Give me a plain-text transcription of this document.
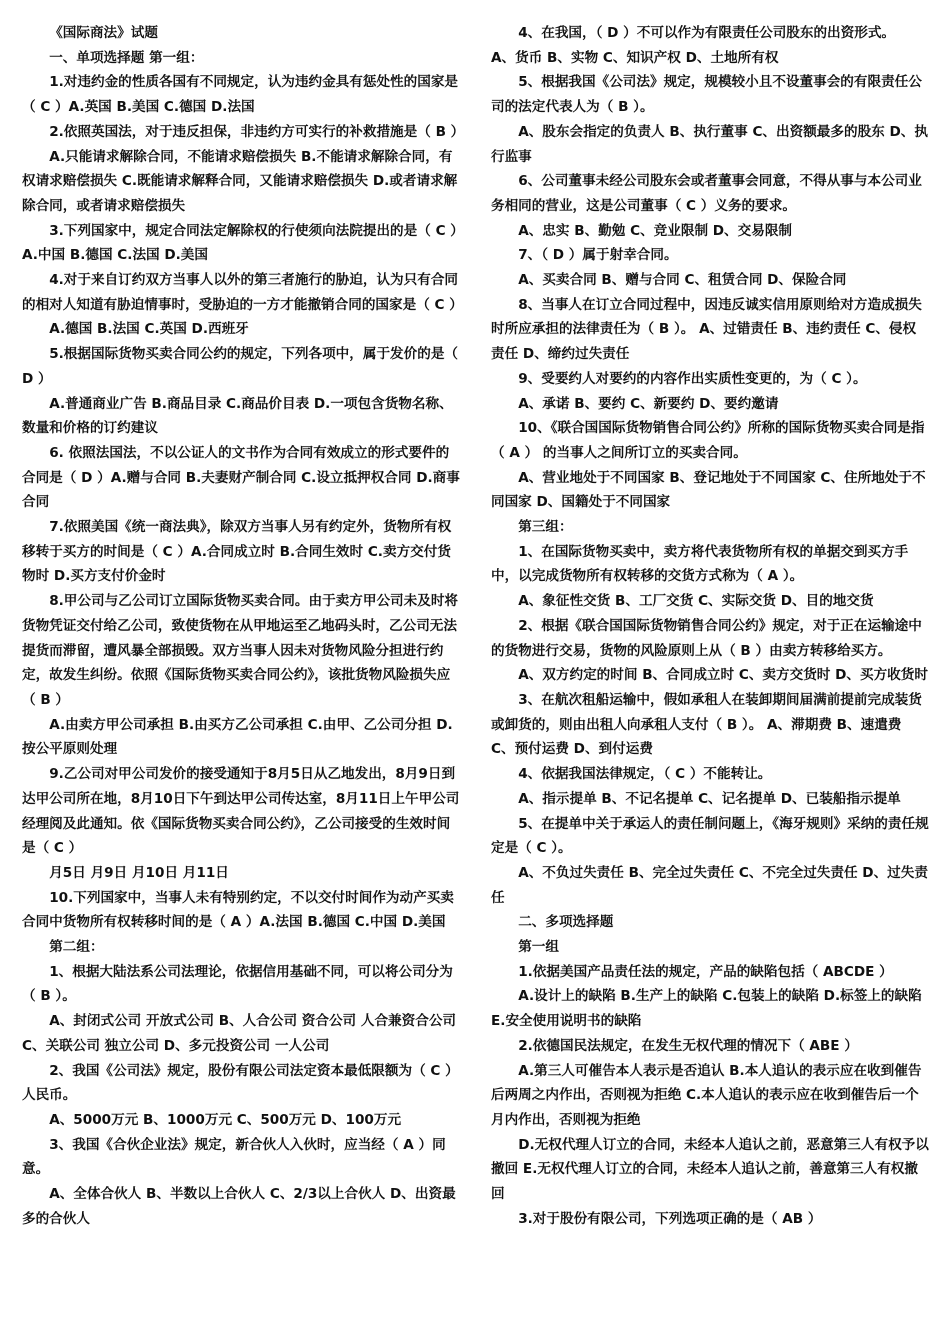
《国际商法》试题

一、单项选择题 第一组：

1.对违约金的性质各国有不同规定，认为违约金具有惩处性的国家是（ C ）A.英国 B.美国 C.德国 D.法国

2.依照英国法，对于违反担保，非违约方可实行的补救措施是（ B ）

A.只能请求解除合同，不能请求赔偿损失 B.不能请求解除合同，有权请求赔偿损失 C.既能请求解释合同，又能请求赔偿损失 D.或者请求解除合同，或者请求赔偿损失

3.下列国家中，规定合同法定解除权的行使须向法院提出的是（ C ）A.中国 B.德国 C.法国 D.美国

4.对于来自订约双方当事人以外的第三者施行的胁迫，认为只有合同的相对人知道有胁迫情事时，受胁迫的一方才能撤销合同的国家是（ C ）

A.德国 B.法国 C.英国 D.西班牙

5.根据国际货物买卖合同公约的规定，下列各项中，属于发价的是（ D ）

A.普通商业广告 B.商品目录 C.商品价目表 D.一项包含货物名称、数量和价格的订约建议

6. 依照法国法，不以公证人的文书作为合同有效成立的形式要件的合同是（ D ）A.赠与合同 B.夫妻财产制合同 C.设立抵押权合同 D.商事合同

7.依照美国《统一商法典》，除双方当事人另有约定外，货物所有权移转于买方的时间是（ C ）A.合同成立时 B.合同生效时 C.卖方交付货物时 D.买方支付价金时

8.甲公司与乙公司订立国际货物买卖合同。由于卖方甲公司未及时将货物凭证交付给乙公司，致使货物在从甲地运至乙地码头时，乙公司无法提货而滞留，遭风暴全部损毁。双方当事人因未对货物风险分担进行约定，故发生纠纷。依照《国际货物买卖合同公约》，该批货物风险损失应（ B ）

A.由卖方甲公司承担 B.由买方乙公司承担 C.由甲、乙公司分担 D.按公平原则处理

9.乙公司对甲公司发价的接受通知于8月5日从乙地发出，8月9日到达甲公司所在地，8月10日下午到达甲公司传达室，8月11日上午甲公司经理阅及此通知。依《国际货物买卖合同公约》，乙公司接受的生效时间是（ C ）

月5日 月9日 月10日 月11日

10.下列国家中，当事人未有特别约定，不以交付时间作为动产买卖合同中货物所有权转移时间的是（ A ）A.法国 B.德国 C.中国 D.美国

第二组：

1、根据大陆法系公司法理论，依据信用基础不同，可以将公司分为（ B ）。

A、封闭式公司 开放式公司 B、人合公司 资合公司 人合兼资合公司 C、关联公司 独立公司 D、多元投资公司 一人公司

2、我国《公司法》规定，股份有限公司法定资本最低限额为（ C ）人民币。

A、5000万元 B、1000万元 C、500万元 D、100万元

3、我国《合伙企业法》规定，新合伙人入伙时，应当经（ A ）同意。

A、全体合伙人 B、半数以上合伙人 C、2/3以上合伙人 D、出资最多的合伙人

4、在我国，（ D ）不可以作为有限责任公司股东的出资形式。

A、货币 B、实物 C、知识产权 D、土地所有权

5、根据我国《公司法》规定，规模较小且不设董事会的有限责任公司的法定代表人为（ B ）。

A、股东会指定的负责人 B、执行董事 C、出资额最多的股东 D、执行监事

6、公司董事未经公司股东会或者董事会同意，不得从事与本公司业务相同的营业，这是公司董事（ C ）义务的要求。

A、忠实 B、勤勉 C、竞业限制 D、交易限制

7、（ D ）属于射幸合同。

A、买卖合同 B、赠与合同 C、租赁合同 D、保险合同

8、当事人在订立合同过程中，因违反诚实信用原则给对方造成损失时所应承担的法律责任为（ B ）。 A、过错责任 B、违约责任 C、侵权责任 D、缔约过失责任

9、受要约人对要约的内容作出实质性变更的，为（ C ）。

A、承诺 B、要约 C、新要约 D、要约邀请

10、《联合国国际货物销售合同公约》所称的国际货物买卖合同是指（ A ） 的当事人之间所订立的买卖合同。

A、营业地处于不同国家 B、登记地处于不同国家 C、住所地处于不同国家 D、国籍处于不同国家

第三组：

1、在国际货物买卖中，卖方将代表货物所有权的单据交到买方手中，以完成货物所有权转移的交货方式称为（ A ）。

A、象征性交货 B、工厂交货 C、实际交货 D、目的地交货

2、根据《联合国国际货物销售合同公约》规定，对于正在运输途中的货物进行交易，货物的风险原则上从（ B ）由卖方转移给买方。

A、双方约定的时间 B、合同成立时 C、卖方交货时 D、买方收货时

3、在航次租船运输中，假如承租人在装卸期间届满前提前完成装货或卸货的，则由出租人向承租人支付（ B ）。 A、滞期费 B、速遣费 C、预付运费 D、到付运费

4、依据我国法律规定，（ C ）不能转让。

A、指示提单 B、不记名提单 C、记名提单 D、已装船指示提单

5、在提单中关于承运人的责任制问题上，《海牙规则》采纳的责任规定是（ C ）。

A、不负过失责任 B、完全过失责任 C、不完全过失责任 D、过失责任

二、多项选择题

第一组

1.依据美国产品责任法的规定，产品的缺陷包括（ ABCDE ）

A.设计上的缺陷 B.生产上的缺陷 C.包装上的缺陷 D.标签上的缺陷 E.安全使用说明书的缺陷

2.依德国民法规定，在发生无权代理的情况下（ ABE ）

A.第三人可催告本人表示是否追认 B.本人追认的表示应在收到催告后两周之内作出，否则视为拒绝 C.本人追认的表示应在收到催告后一个月内作出，否则视为拒绝

D.无权代理人订立的合同，未经本人追认之前，恶意第三人有权予以撤回 E.无权代理人订立的合同，未经本人追认之前，善意第三人有权撤回

3.对于股份有限公司，下列选项正确的是（ AB ）
